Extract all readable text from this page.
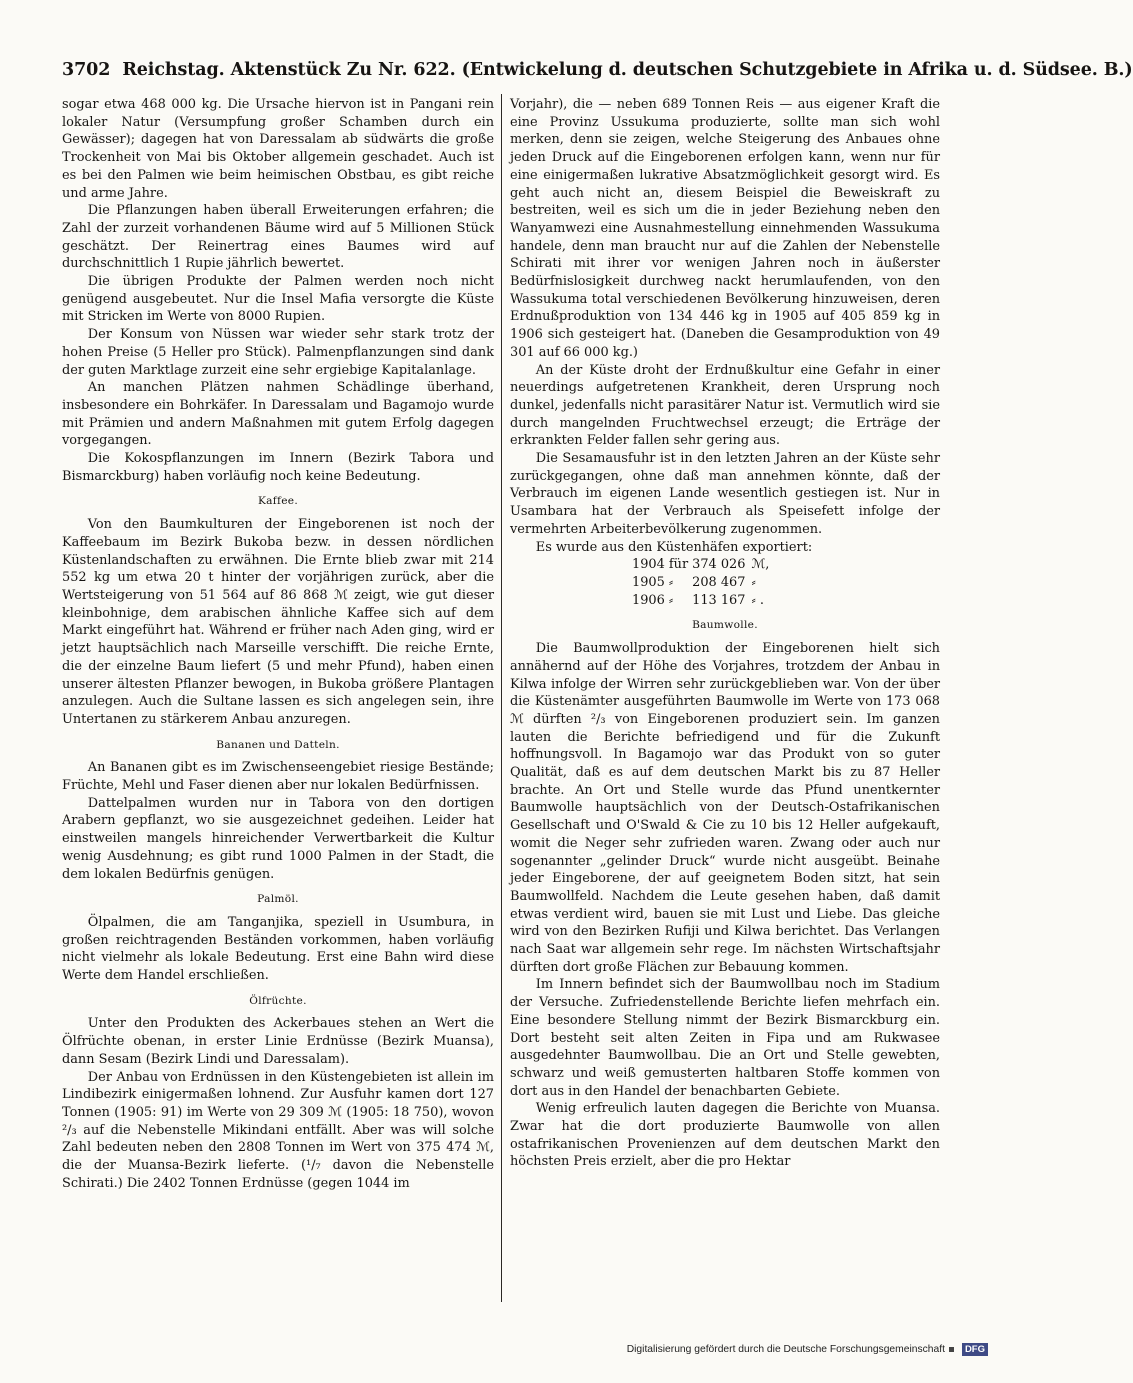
3702 Reichstag. Aktenstück Zu Nr. 622. (Entwickelung d. deutschen Schutzgebiete in Afrika u. d. Südsee. B.)

sogar etwa 468 000 kg. Die Ursache hiervon ist in Pangani rein lokaler Natur (Versumpfung großer Schamben durch ein Gewässer); dagegen hat von Daressalam ab südwärts die große Trockenheit von Mai bis Oktober allgemein geschadet. Auch ist es bei den Palmen wie beim heimischen Obstbau, es gibt reiche und arme Jahre.

Die Pflanzungen haben überall Erweiterungen erfahren; die Zahl der zurzeit vorhandenen Bäume wird auf 5 Millionen Stück geschätzt. Der Reinertrag eines Baumes wird auf durchschnittlich 1 Rupie jährlich bewertet.

Die übrigen Produkte der Palmen werden noch nicht genügend ausgebeutet. Nur die Insel Mafia versorgte die Küste mit Stricken im Werte von 8000 Rupien.

Der Konsum von Nüssen war wieder sehr stark trotz der hohen Preise (5 Heller pro Stück). Palmenpflanzungen sind dank der guten Marktlage zurzeit eine sehr ergiebige Kapitalanlage.

An manchen Plätzen nahmen Schädlinge überhand, insbesondere ein Bohrkäfer. In Daressalam und Bagamojo wurde mit Prämien und andern Maßnahmen mit gutem Erfolg dagegen vorgegangen.

Die Kokospflanzungen im Innern (Bezirk Tabora und Bismarckburg) haben vorläufig noch keine Bedeutung.

Kaffee.

Von den Baumkulturen der Eingeborenen ist noch der Kaffeebaum im Bezirk Bukoba bezw. in dessen nördlichen Küstenlandschaften zu erwähnen. Die Ernte blieb zwar mit 214 552 kg um etwa 20 t hinter der vorjährigen zurück, aber die Wertsteigerung von 51 564 auf 86 868 ℳ zeigt, wie gut dieser kleinbohnige, dem arabischen ähnliche Kaffee sich auf dem Markt eingeführt hat. Während er früher nach Aden ging, wird er jetzt hauptsächlich nach Marseille verschifft. Die reiche Ernte, die der einzelne Baum liefert (5 und mehr Pfund), haben einen unserer ältesten Pflanzer bewogen, in Bukoba größere Plantagen anzulegen. Auch die Sultane lassen es sich angelegen sein, ihre Untertanen zu stärkerem Anbau anzuregen.

Bananen und Datteln.

An Bananen gibt es im Zwischenseengebiet riesige Bestände; Früchte, Mehl und Faser dienen aber nur lokalen Bedürfnissen.

Dattelpalmen wurden nur in Tabora von den dortigen Arabern gepflanzt, wo sie ausgezeichnet gedeihen. Leider hat einstweilen mangels hinreichender Verwertbarkeit die Kultur wenig Ausdehnung; es gibt rund 1000 Palmen in der Stadt, die dem lokalen Bedürfnis genügen.

Palmöl.

Ölpalmen, die am Tanganjika, speziell in Usumbura, in großen reichtragenden Beständen vorkommen, haben vorläufig nicht vielmehr als lokale Bedeutung. Erst eine Bahn wird diese Werte dem Handel erschließen.

Ölfrüchte.

Unter den Produkten des Ackerbaues stehen an Wert die Ölfrüchte obenan, in erster Linie Erdnüsse (Bezirk Muansa), dann Sesam (Bezirk Lindi und Daressalam).

Der Anbau von Erdnüssen in den Küstengebieten ist allein im Lindibezirk einigermaßen lohnend. Zur Ausfuhr kamen dort 127 Tonnen (1905: 91) im Werte von 29 309 ℳ (1905: 18 750), wovon ²/₃ auf die Nebenstelle Mikindani entfällt. Aber was will solche Zahl bedeuten neben den 2808 Tonnen im Wert von 375 474 ℳ, die der Muansa-Bezirk lieferte. (¹/₇ davon die Nebenstelle Schirati.) Die 2402 Tonnen Erdnüsse (gegen 1044 im

Vorjahr), die — neben 689 Tonnen Reis — aus eigener Kraft die eine Provinz Ussukuma produzierte, sollte man sich wohl merken, denn sie zeigen, welche Steigerung des Anbaues ohne jeden Druck auf die Eingeborenen erfolgen kann, wenn nur für eine einigermaßen lukrative Absatzmöglichkeit gesorgt wird. Es geht auch nicht an, diesem Beispiel die Beweiskraft zu bestreiten, weil es sich um die in jeder Beziehung neben den Wanyamwezi eine Ausnahmestellung einnehmenden Wassukuma handele, denn man braucht nur auf die Zahlen der Nebenstelle Schirati mit ihrer vor wenigen Jahren noch in äußerster Bedürfnislosigkeit durchweg nackt herumlaufenden, von den Wassukuma total verschiedenen Bevölkerung hinzuweisen, deren Erdnußproduktion von 134 446 kg in 1905 auf 405 859 kg in 1906 sich gesteigert hat. (Daneben die Gesamproduktion von 49 301 auf 66 000 kg.)

An der Küste droht der Erdnußkultur eine Gefahr in einer neuerdings aufgetretenen Krankheit, deren Ursprung noch dunkel, jedenfalls nicht parasitärer Natur ist. Vermutlich wird sie durch mangelnden Fruchtwechsel erzeugt; die Erträge der erkrankten Felder fallen sehr gering aus.

Die Sesamausfuhr ist in den letzten Jahren an der Küste sehr zurückgegangen, ohne daß man annehmen könnte, daß der Verbrauch im eigenen Lande wesentlich gestiegen ist. Nur in Usambara hat der Verbrauch als Speisefett infolge der vermehrten Arbeiterbevölkerung zugenommen.

Es wurde aus den Küstenhäfen exportiert:

1904 für	374 026	ℳ,
1905 ⸗	208 467	⸗
1906 ⸗	113 167	⸗ .
Baumwolle.

Die Baumwollproduktion der Eingeborenen hielt sich annähernd auf der Höhe des Vorjahres, trotzdem der Anbau in Kilwa infolge der Wirren sehr zurückgeblieben war. Von der über die Küstenämter ausgeführten Baumwolle im Werte von 173 068 ℳ dürften ²/₃ von Eingeborenen produziert sein. Im ganzen lauten die Berichte befriedigend und für die Zukunft hoffnungsvoll. In Bagamojo war das Produkt von so guter Qualität, daß es auf dem deutschen Markt bis zu 87 Heller brachte. An Ort und Stelle wurde das Pfund unentkernter Baumwolle hauptsächlich von der Deutsch-Ostafrikanischen Gesellschaft und O'Swald & Cie zu 10 bis 12 Heller aufgekauft, womit die Neger sehr zufrieden waren. Zwang oder auch nur sogenannter „gelinder Druck“ wurde nicht ausgeübt. Beinahe jeder Eingeborene, der auf geeignetem Boden sitzt, hat sein Baumwollfeld. Nachdem die Leute gesehen haben, daß damit etwas verdient wird, bauen sie mit Lust und Liebe. Das gleiche wird von den Bezirken Rufiji und Kilwa berichtet. Das Verlangen nach Saat war allgemein sehr rege. Im nächsten Wirtschaftsjahr dürften dort große Flächen zur Bebauung kommen.

Im Innern befindet sich der Baumwollbau noch im Stadium der Versuche. Zufriedenstellende Berichte liefen mehrfach ein. Eine besondere Stellung nimmt der Bezirk Bismarckburg ein. Dort besteht seit alten Zeiten in Fipa und am Rukwasee ausgedehnter Baumwollbau. Die an Ort und Stelle gewebten, schwarz und weiß gemusterten haltbaren Stoffe kommen von dort aus in den Handel der benachbarten Gebiete.

Wenig erfreulich lauten dagegen die Berichte von Muansa. Zwar hat die dort produzierte Baumwolle von allen ostafrikanischen Provenienzen auf dem deutschen Markt den höchsten Preis erzielt, aber die pro Hektar

Digitalisierung gefördert durch die Deutsche Forschungsgemeinschaft DFG
